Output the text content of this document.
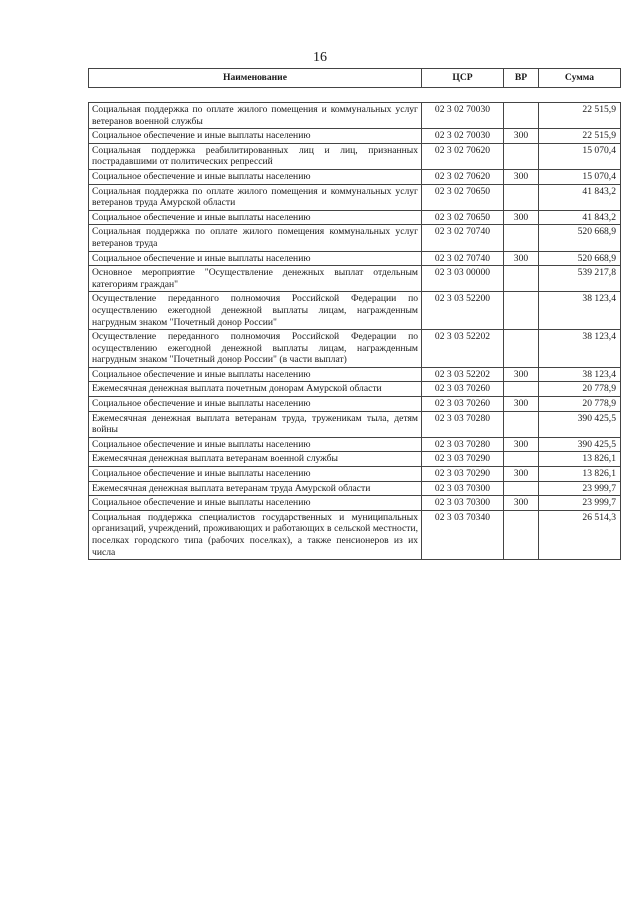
16
Наименование	ЦСР	ВР	Сумма

Социальная поддержка по оплате жилого помещения и коммунальных услуг ветеранов военной службы	02 3 02 70030		22 515,9
Социальное обеспечение и иные выплаты населению	02 3 02 70030	300	22 515,9
Социальная поддержка реабилитированных лиц и лиц, признанных пострадавшими от политических репрессий	02 3 02 70620		15 070,4
Социальное обеспечение и иные выплаты населению	02 3 02 70620	300	15 070,4
Социальная поддержка по оплате жилого помещения и коммунальных услуг ветеранов труда Амурской области	02 3 02 70650		41 843,2
Социальное обеспечение и иные выплаты населению	02 3 02 70650	300	41 843,2
Социальная поддержка по оплате жилого помещения коммунальных услуг ветеранов труда	02 3 02 70740		520 668,9
Социальное обеспечение и иные выплаты населению	02 3 02 70740	300	520 668,9
Основное мероприятие "Осуществление денежных выплат отдельным категориям граждан"	02 3 03 00000		539 217,8
Осуществление переданного полномочия Российской Федерации по осуществлению ежегодной денежной выплаты лицам, награжденным нагрудным знаком "Почетный донор России"	02 3 03 52200		38 123,4
Осуществление переданного полномочия Российской Федерации по осуществлению ежегодной денежной выплаты лицам, награжденным нагрудным знаком "Почетный донор России" (в части выплат)	02 3 03 52202		38 123,4
Социальное обеспечение и иные выплаты населению	02 3 03 52202	300	38 123,4
Ежемесячная денежная выплата почетным донорам Амурской области	02 3 03 70260		20 778,9
Социальное обеспечение и иные выплаты населению	02 3 03 70260	300	20 778,9
Ежемесячная денежная выплата ветеранам труда, труженикам тыла, детям войны	02 3 03 70280		390 425,5
Социальное обеспечение и иные выплаты населению	02 3 03 70280	300	390 425,5
Ежемесячная денежная выплата ветеранам военной службы	02 3 03 70290		13 826,1
Социальное обеспечение и иные выплаты населению	02 3 03 70290	300	13 826,1
Ежемесячная денежная выплата ветеранам труда Амурской области	02 3 03 70300		23 999,7
Социальное обеспечение и иные выплаты населению	02 3 03 70300	300	23 999,7
Социальная поддержка специалистов государственных и муниципальных организаций, учреждений, проживающих и работающих в сельской местности, поселках городского типа (рабочих поселках), а также пенсионеров из их числа	02 3 03 70340		26 514,3
